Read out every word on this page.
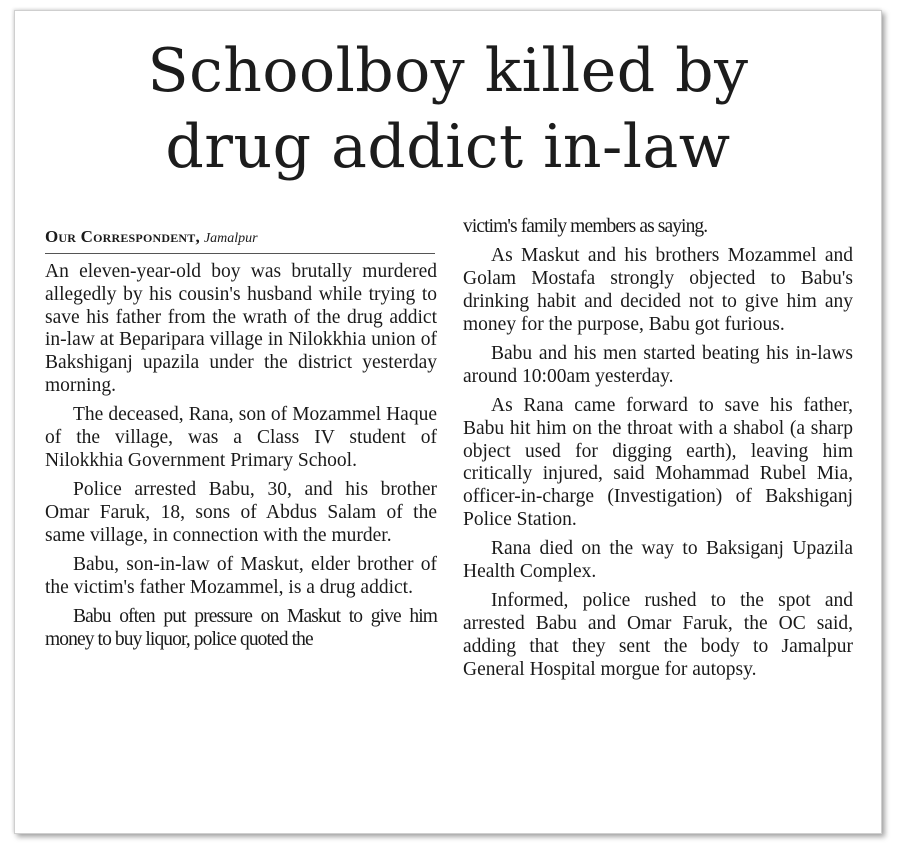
Schoolboy killed by
drug addict in-law
Our Correspondent, Jamalpur

An eleven-year-old boy was brutally murdered allegedly by his cousin's husband while trying to save his father from the wrath of the drug addict in-law at Beparipara village in Nilokkhia union of Bakshiganj upazila under the district yesterday morning.

The deceased, Rana, son of Mozammel Haque of the village, was a Class IV student of Nilokkhia Government Primary School.

Police arrested Babu, 30, and his brother Omar Faruk, 18, sons of Abdus Salam of the same village, in connection with the murder.

Babu, son-in-law of Maskut, elder brother of the victim's father Mozammel, is a drug addict.

Babu often put pressure on Maskut to give him money to buy liquor, police quoted the

victim's family members as saying.

As Maskut and his brothers Mozammel and Golam Mostafa strongly objected to Babu's drinking habit and decided not to give him any money for the purpose, Babu got furious.

Babu and his men started beating his in-laws around 10:00am yesterday.

As Rana came forward to save his father, Babu hit him on the throat with a shabol (a sharp object used for digging earth), leaving him critically injured, said Mohammad Rubel Mia, officer-in-charge (Investigation) of Bakshiganj Police Station.

Rana died on the way to Baksiganj Upazila Health Complex.

Informed, police rushed to the spot and arrested Babu and Omar Faruk, the OC said, adding that they sent the body to Jamalpur General Hospital morgue for autopsy.
